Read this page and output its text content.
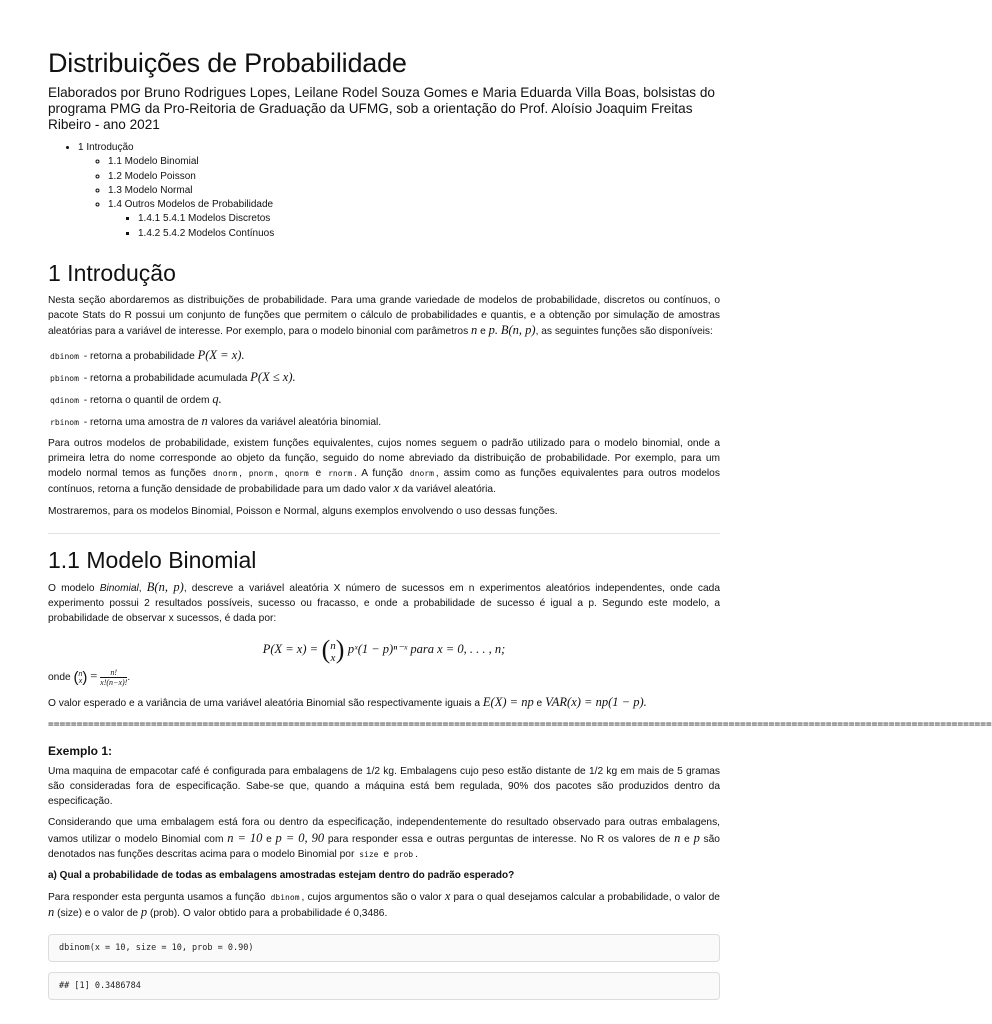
Distribuições de Probabilidade
Elaborados por Bruno Rodrigues Lopes, Leilane Rodel Souza Gomes e Maria Eduarda Villa Boas, bolsistas do programa PMG da Pro-Reitoria de Graduação da UFMG, sob a orientação do Prof. Aloísio Joaquim Freitas Ribeiro - ano 2021
• 1 Introdução
◦ 1.1 Modelo Binomial
◦ 1.2 Modelo Poisson
◦ 1.3 Modelo Normal
◦ 1.4 Outros Modelos de Probabilidade
▪ 1.4.1 5.4.1 Modelos Discretos
▪ 1.4.2 5.4.2 Modelos Contínuos
1 Introdução

Nesta seção abordaremos as distribuições de probabilidade. Para uma grande variedade de modelos de probabilidade, discretos ou contínuos, o pacote Stats do R possui um conjunto de funções que permitem o cálculo de probabilidades e quantis, e a obtenção por simulação de amostras aleatórias para a variável de interesse. Por exemplo, para o modelo binonial com parâmetros n e p. B(n, p), as seguintes funções são disponíveis:

dbinom - retorna a probabilidade P(X = x).
pbinom - retorna a probabilidade acumulada P(X ≤ x).
qdinom - retorna o quantil de ordem q.
rbinom - retorna uma amostra de n valores da variável aleatória binomial.

Para outros modelos de probabilidade, existem funções equivalentes, cujos nomes seguem o padrão utilizado para o modelo binomial, onde a primeira letra do nome corresponde ao objeto da função, seguido do nome abreviado da distribuição de probabilidade. Por exemplo, para um modelo normal temos as funções dnorm , pnorm , qnorm e rnorm . A função dnorm , assim como as funções equivalentes para outros modelos contínuos, retorna a função densidade de probabilidade para um dado valor x da variável aleatória.

Mostraremos, para os modelos Binomial, Poisson e Normal, alguns exemplos envolvendo o uso dessas funções.

1.1 Modelo Binomial

O modelo Binomial, B(n, p), descreve a variável aleatória X número de sucessos em n experimentos aleatórios independentes, onde cada experimento possui 2 resultados possíveis, sucesso ou fracasso, e onde a probabilidade de sucesso é igual a p. Segundo este modelo, a probabilidade de observar x sucessos, é dada por:

P(X = x) = (n
x) pˣ(1 − p)ⁿ⁻ˣ para x = 0, . . . , n;
onde (n
$x) = \frac{n!}{x!(n-x)!}$ .

O valor esperado e a variância de uma variável aleatória Binomial são respectivamente iguais a E(X) = np e VAR(x) = np(1 − p).

=====================================================================================================================================================================
Exemplo 1:

Uma maquina de empacotar café é configurada para embalagens de 1/2 kg. Embalagens cujo peso estão distante de 1/2 kg em mais de 5 gramas são consideradas fora de especificação. Sabe-se que, quando a máquina está bem regulada, 90% dos pacotes são produzidos dentro da especificação.

Considerando que uma embalagem está fora ou dentro da especificação, independentemente do resultado observado para outras embalagens, vamos utilizar o modelo Binomial com n = 10 e p = 0, 90 para responder essa e outras perguntas de interesse. No R os valores de n e p são denotados nas funções descritas acima para o modelo Binomial por size e prob .

a) Qual a probabilidade de todas as embalagens amostradas estejam dentro do padrão esperado?

Para responder esta pergunta usamos a função dbinom , cujos argumentos são o valor x para o qual desejamos calcular a probabilidade, o valor de n (size) e o valor de p (prob). O valor obtido para a probabilidade é 0,3486.

dbinom(x = 10, size = 10, prob = 0.90)
## [1] 0.3486784
